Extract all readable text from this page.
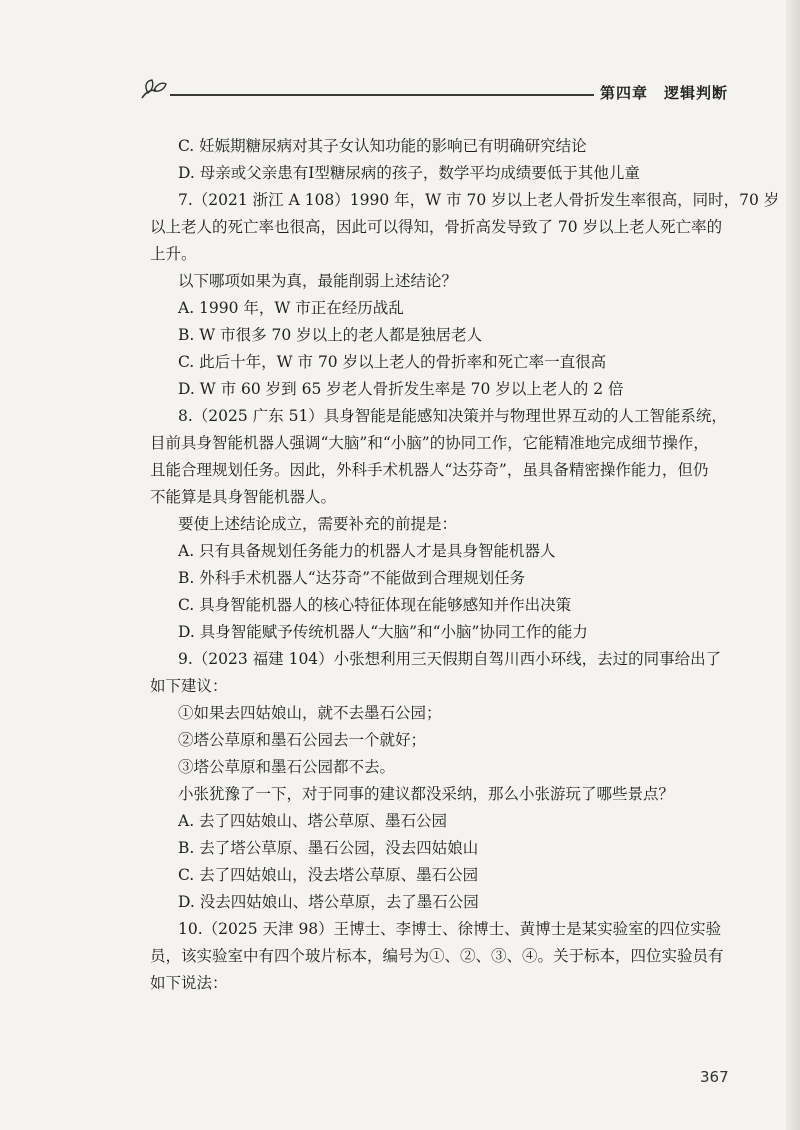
第四章　逻辑判断
C. 妊娠期糖尿病对其子女认知功能的影响已有明确研究结论
D. 母亲或父亲患有Ⅰ型糖尿病的孩子，数学平均成绩要低于其他儿童
7.（2021 浙江 A 108）1990 年，W 市 70 岁以上老人骨折发生率很高，同时，70 岁
以上老人的死亡率也很高，因此可以得知，骨折高发导致了 70 岁以上老人死亡率的
上升。
以下哪项如果为真，最能削弱上述结论？
A. 1990 年，W 市正在经历战乱
B. W 市很多 70 岁以上的老人都是独居老人
C. 此后十年，W 市 70 岁以上老人的骨折率和死亡率一直很高
D. W 市 60 岁到 65 岁老人骨折发生率是 70 岁以上老人的 2 倍
8.（2025 广东 51）具身智能是能感知决策并与物理世界互动的人工智能系统，
目前具身智能机器人强调“大脑”和“小脑”的协同工作，它能精准地完成细节操作，
且能合理规划任务。因此，外科手术机器人“达芬奇”，虽具备精密操作能力，但仍
不能算是具身智能机器人。
要使上述结论成立，需要补充的前提是：
A. 只有具备规划任务能力的机器人才是具身智能机器人
B. 外科手术机器人“达芬奇”不能做到合理规划任务
C. 具身智能机器人的核心特征体现在能够感知并作出决策
D. 具身智能赋予传统机器人“大脑”和“小脑”协同工作的能力
9.（2023 福建 104）小张想利用三天假期自驾川西小环线，去过的同事给出了
如下建议：
①如果去四姑娘山，就不去墨石公园；
②塔公草原和墨石公园去一个就好；
③塔公草原和墨石公园都不去。
小张犹豫了一下，对于同事的建议都没采纳，那么小张游玩了哪些景点？
A. 去了四姑娘山、塔公草原、墨石公园
B. 去了塔公草原、墨石公园，没去四姑娘山
C. 去了四姑娘山，没去塔公草原、墨石公园
D. 没去四姑娘山、塔公草原，去了墨石公园
10.（2025 天津 98）王博士、李博士、徐博士、黄博士是某实验室的四位实验
员，该实验室中有四个玻片标本，编号为①、②、③、④。关于标本，四位实验员有
如下说法：
367
